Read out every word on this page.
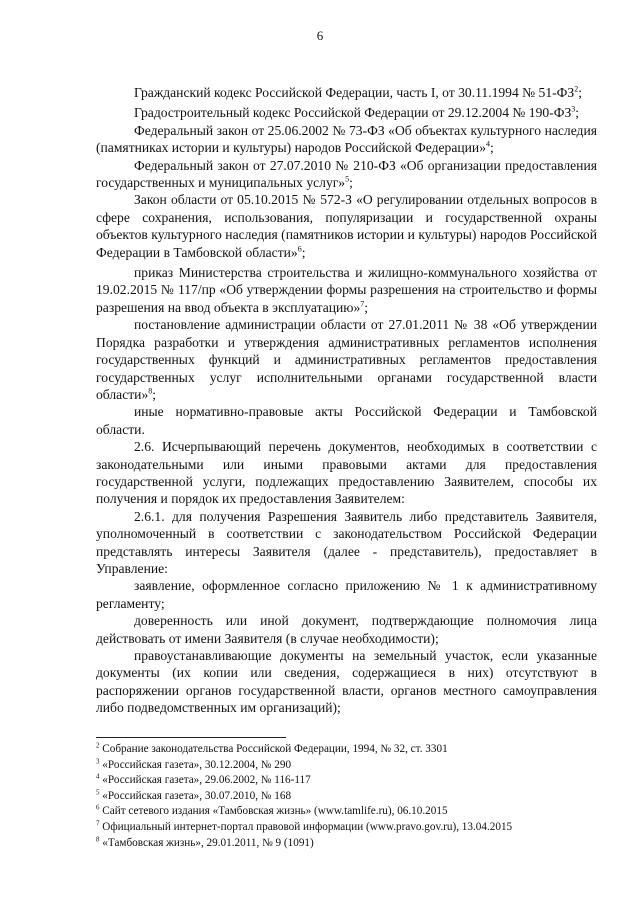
6

Гражданский кодекс Российской Федерации, часть I, от 30.11.1994 № $51-ФЗ^2$;

Градостроительный кодекс Российской Федерации от 29.12.2004 № $190-ФЗ^3$;

Федеральный закон от 25.06.2002 № 73-ФЗ «Об объектах культурного наследия (памятниках истории и культуры) народов Российской Федерации»$^4$;

Федеральный закон от 27.07.2010 № 210-ФЗ «Об организации предоставления государственных и муниципальных услуг»$^5$;

Закон области от 05.10.2015 № 572-З «О регулировании отдельных вопросов в сфере сохранения, использования, популяризации и государственной охраны объектов культурного наследия (памятников истории и культуры) народов Российской Федерации в Тамбовской области»$^6$;

приказ Министерства строительства и жилищно-коммунального хозяйства от 19.02.2015 № 117/пр «Об утверждении формы разрешения на строительство и формы разрешения на ввод объекта в эксплуатацию»$^7$;

постановление администрации области от 27.01.2011 № 38 «Об утверждении Порядка разработки и утверждения административных регламентов исполнения государственных функций и административных регламентов предоставления государственных услуг исполнительными органами государственной власти области»$^8$;

иные нормативно-правовые акты Российской Федерации и Тамбовской области.

2.6. Исчерпывающий перечень документов, необходимых в соответствии с законодательными или иными правовыми актами для предоставления государственной услуги, подлежащих предоставлению Заявителем, способы их получения и порядок их предоставления Заявителем:

2.6.1. для получения Разрешения Заявитель либо представитель Заявителя, уполномоченный в соответствии с законодательством Российской Федерации представлять интересы Заявителя (далее - представитель), предоставляет в Управление:

заявление, оформленное согласно приложению № 1 к административному регламенту;

доверенность или иной документ, подтверждающие полномочия лица действовать от имени Заявителя (в случае необходимости);

правоустанавливающие документы на земельный участок, если указанные документы (их копии или сведения, содержащиеся в них) отсутствуют в распоряжении органов государственной власти, органов местного самоуправления либо подведомственных им организаций);

$^2$ Собрание законодательства Российской Федерации, 1994, № 32, ст. 3301

$^3$ «Российская газета», 30.12.2004, № 290

$^4$ «Российская газета», 29.06.2002, № 116-117

$^5$ «Российская газета», 30.07.2010, № 168

$^6$ Сайт сетевого издания «Тамбовская жизнь» (www.tamlife.ru), 06.10.2015

$^7$ Официальный интернет-портал правовой информации (www.pravo.gov.ru), 13.04.2015

$^8$ «Тамбовская жизнь», 29.01.2011, № 9 (1091)
